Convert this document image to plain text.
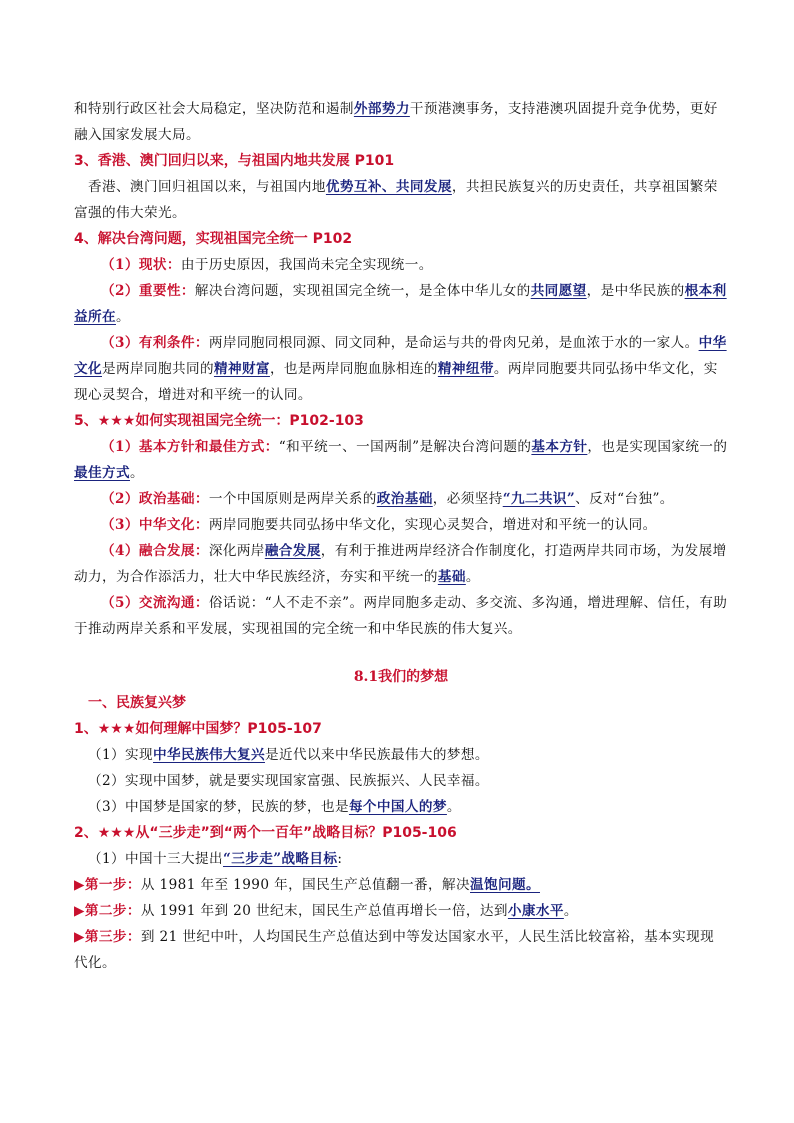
和特别行政区社会大局稳定，坚决防范和遏制外部势力干预港澳事务，支持港澳巩固提升竞争优势，更好融入国家发展大局。

3、香港、澳门回归以来，与祖国内地共发展 P101

香港、澳门回归祖国以来，与祖国内地优势互补、共同发展，共担民族复兴的历史责任，共享祖国繁荣富强的伟大荣光。

4、解决台湾问题，实现祖国完全统一 P102

（1）现状：由于历史原因，我国尚未完全实现统一。

（2）重要性：解决台湾问题，实现祖国完全统一，是全体中华儿女的共同愿望，是中华民族的根本利益所在。

（3）有利条件：两岸同胞同根同源、同文同种，是命运与共的骨肉兄弟，是血浓于水的一家人。中华文化是两岸同胞共同的精神财富，也是两岸同胞血脉相连的精神纽带。两岸同胞要共同弘扬中华文化，实现心灵契合，增进对和平统一的认同。

5、★★★如何实现祖国完全统一：P102-103

（1）基本方针和最佳方式：“和平统一、一国两制”是解决台湾问题的基本方针，也是实现国家统一的最佳方式。

（2）政治基础：一个中国原则是两岸关系的政治基础，必须坚持“九二共识”、反对“台独”。

（3）中华文化：两岸同胞要共同弘扬中华文化，实现心灵契合，增进对和平统一的认同。

（4）融合发展：深化两岸融合发展，有利于推进两岸经济合作制度化，打造两岸共同市场，为发展增动力，为合作添活力，壮大中华民族经济，夯实和平统一的基础。

（5）交流沟通：俗话说：“人不走不亲”。两岸同胞多走动、多交流、多沟通，增进理解、信任，有助于推动两岸关系和平发展，实现祖国的完全统一和中华民族的伟大复兴。

8.1我们的梦想

一、民族复兴梦

1、★★★如何理解中国梦？P105-107

（1）实现中华民族伟大复兴是近代以来中华民族最伟大的梦想。

（2）实现中国梦，就是要实现国家富强、民族振兴、人民幸福。

（3）中国梦是国家的梦，民族的梦，也是每个中国人的梦。

2、★★★从“三步走”到“两个一百年”战略目标？P105-106

（1）中国十三大提出“三步走”战略目标:

▶第一步：从 1981 年至 1990 年，国民生产总值翻一番，解决温饱问题。

▶第二步：从 1991 年到 20 世纪末，国民生产总值再增长一倍，达到小康水平。

▶第三步：到 21 世纪中叶，人均国民生产总值达到中等发达国家水平，人民生活比较富裕，基本实现现代化。
